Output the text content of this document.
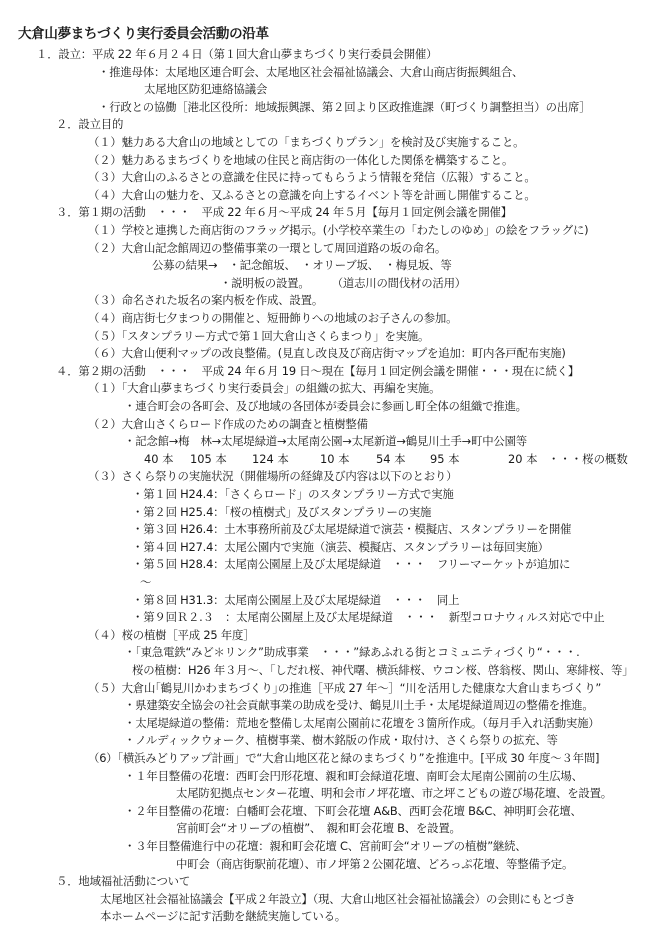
大倉山夢まちづくり実行委員会活動の沿革
１．設立：平成 22 年６月２４日（第１回大倉山夢まちづくり実行委員会開催）
・推進母体：太尾地区連合町会、太尾地区社会福祉協議会、大倉山商店街振興組合、
太尾地区防犯連絡協議会
・行政との協働［港北区役所：地域振興課、第２回より区政推進課（町づくり調整担当）の出席］
２．設立目的
（１）魅力ある大倉山の地域としての「まちづくりプラン」を検討及び実施すること。
（２）魅力あるまちづくりを地域の住民と商店街の一体化した関係を構築すること。
（３）大倉山のふるさとの意識を住民に持ってもらうよう情報を発信（広報）すること。
（４）大倉山の魅力を、又ふるさとの意識を向上するイベント等を計画し開催すること。
３．第１期の活動　・・・　平成 22 年６月〜平成 24 年５月【毎月１回定例会議を開催】
（１）学校と連携した商店街のフラッグ掲示。(小学校卒業生の「わたしのゆめ」の絵をフラッグに)
（２）大倉山記念館周辺の整備事業の一環として周回道路の坂の命名。
公募の結果→　・記念館坂、　・オリーブ坂、　・梅見坂、等
・説明板の設置。　　　（道志川の間伐材の活用）
（３）命名された坂名の案内板を作成、設置。
（４）商店街七夕まつりの開催と、短冊飾りへの地域のお子さんの参加。
（５）「スタンプラリー方式で第１回大倉山さくらまつり」を実施。
（６）大倉山便利マップの改良整備。(見直し改良及び商店街マップを追加：町内各戸配布実施)
４．第２期の活動　・・・　平成 24 年６月 19 日〜現在【毎月１回定例会議を開催・・・現在に続く】
（１）「大倉山夢まちづくり実行委員会」の組織の拡大、再編を実施。
・連合町会の各町会、及び地域の各団体が委員会に参画し町全体の組織で推進。
（２）大倉山さくらロード作成のための調査と植樹整備
・記念館→梅　林→太尾堤緑道→太尾南公園→太尾新道→鶴見川土手→町中公園等
40 本 105 本 124 本	10 本 54 本 95 本	20 本 ・・・桜の概数
（３）さくら祭りの実施状況（開催場所の経緯及び内容は以下のとおり）
・第１回 H24.4：「さくらロード」のスタンプラリー方式で実施
・第２回 H25.4：「桜の植樹式」及びスタンプラリーの実施
・第３回 H26.4：土木事務所前及び太尾堤緑道で演芸・模擬店、スタンプラリーを開催
・第４回 H27.4：太尾公園内で実施（演芸、模擬店、スタンプラリーは毎回実施）
・第５回 H28.4：太尾南公園屋上及び太尾堤緑道　・・・　フリーマーケットが追加に
〜
・第８回 H31.3：太尾南公園屋上及び太尾堤緑道　・・・　同上
・第９回Ｒ２.３　：太尾南公園屋上及び太尾堤緑道　・・・　新型コロナウィルス対応で中止
（４）桜の植樹［平成 25 年度］
・「東急電鉄“みど＊リンク”助成事業　・・・”緑あふれる街とコミュニティづくり“・・・.
桜の植樹：H26 年３月〜、「しだれ桜、神代曙、横浜緋桜、ウコン桜、啓翁桜、関山、寒緋桜、等」
（５）大倉山｢鶴見川かわまちづくり｣の推進［平成 27 年〜］“川を活用した健康な大倉山まちづくり”
・県建築安全協会の社会貢献事業の助成を受け、鶴見川土手・太尾堤緑道周辺の整備を推進。
・太尾堤緑道の整備：荒地を整備し太尾南公園前に花壇を３箇所作成。（毎月手入れ活動実施）
・ノルディックウォーク、植樹事業、樹木銘版の作成・取付け、さくら祭りの拡充、等
（6）「横浜みどりアップ計画」で“大倉山地区花と緑のまちづくり”を推進中。[平成 30 年度〜３年間]
・１年目整備の花壇：西町会円形花壇、親和町会緑道花壇、南町会太尾南公園前の生広場、
太尾防犯拠点センター花壇、明和会市ノ坪花壇、市之坪こどもの遊び場花壇、を設置。
・２年目整備の花壇：白幡町会花壇、下町会花壇 A&B、西町会花壇 B&C、神明町会花壇、
宮前町会“オリーブの植樹”、　親和町会花壇 B、を設置。
・３年目整備進行中の花壇：親和町会花壇 C、宮前町会“オリーブの植樹”継続、
中町会（商店街駅前花壇）、市ノ坪第２公園花壇、どろっぷ花壇、等整備予定。
５．地域福祉活動について
太尾地区社会福祉協議会【平成２年設立】（現、大倉山地区社会福祉協議会）の会則にもとづき
本ホームページに記す活動を継続実施している。
